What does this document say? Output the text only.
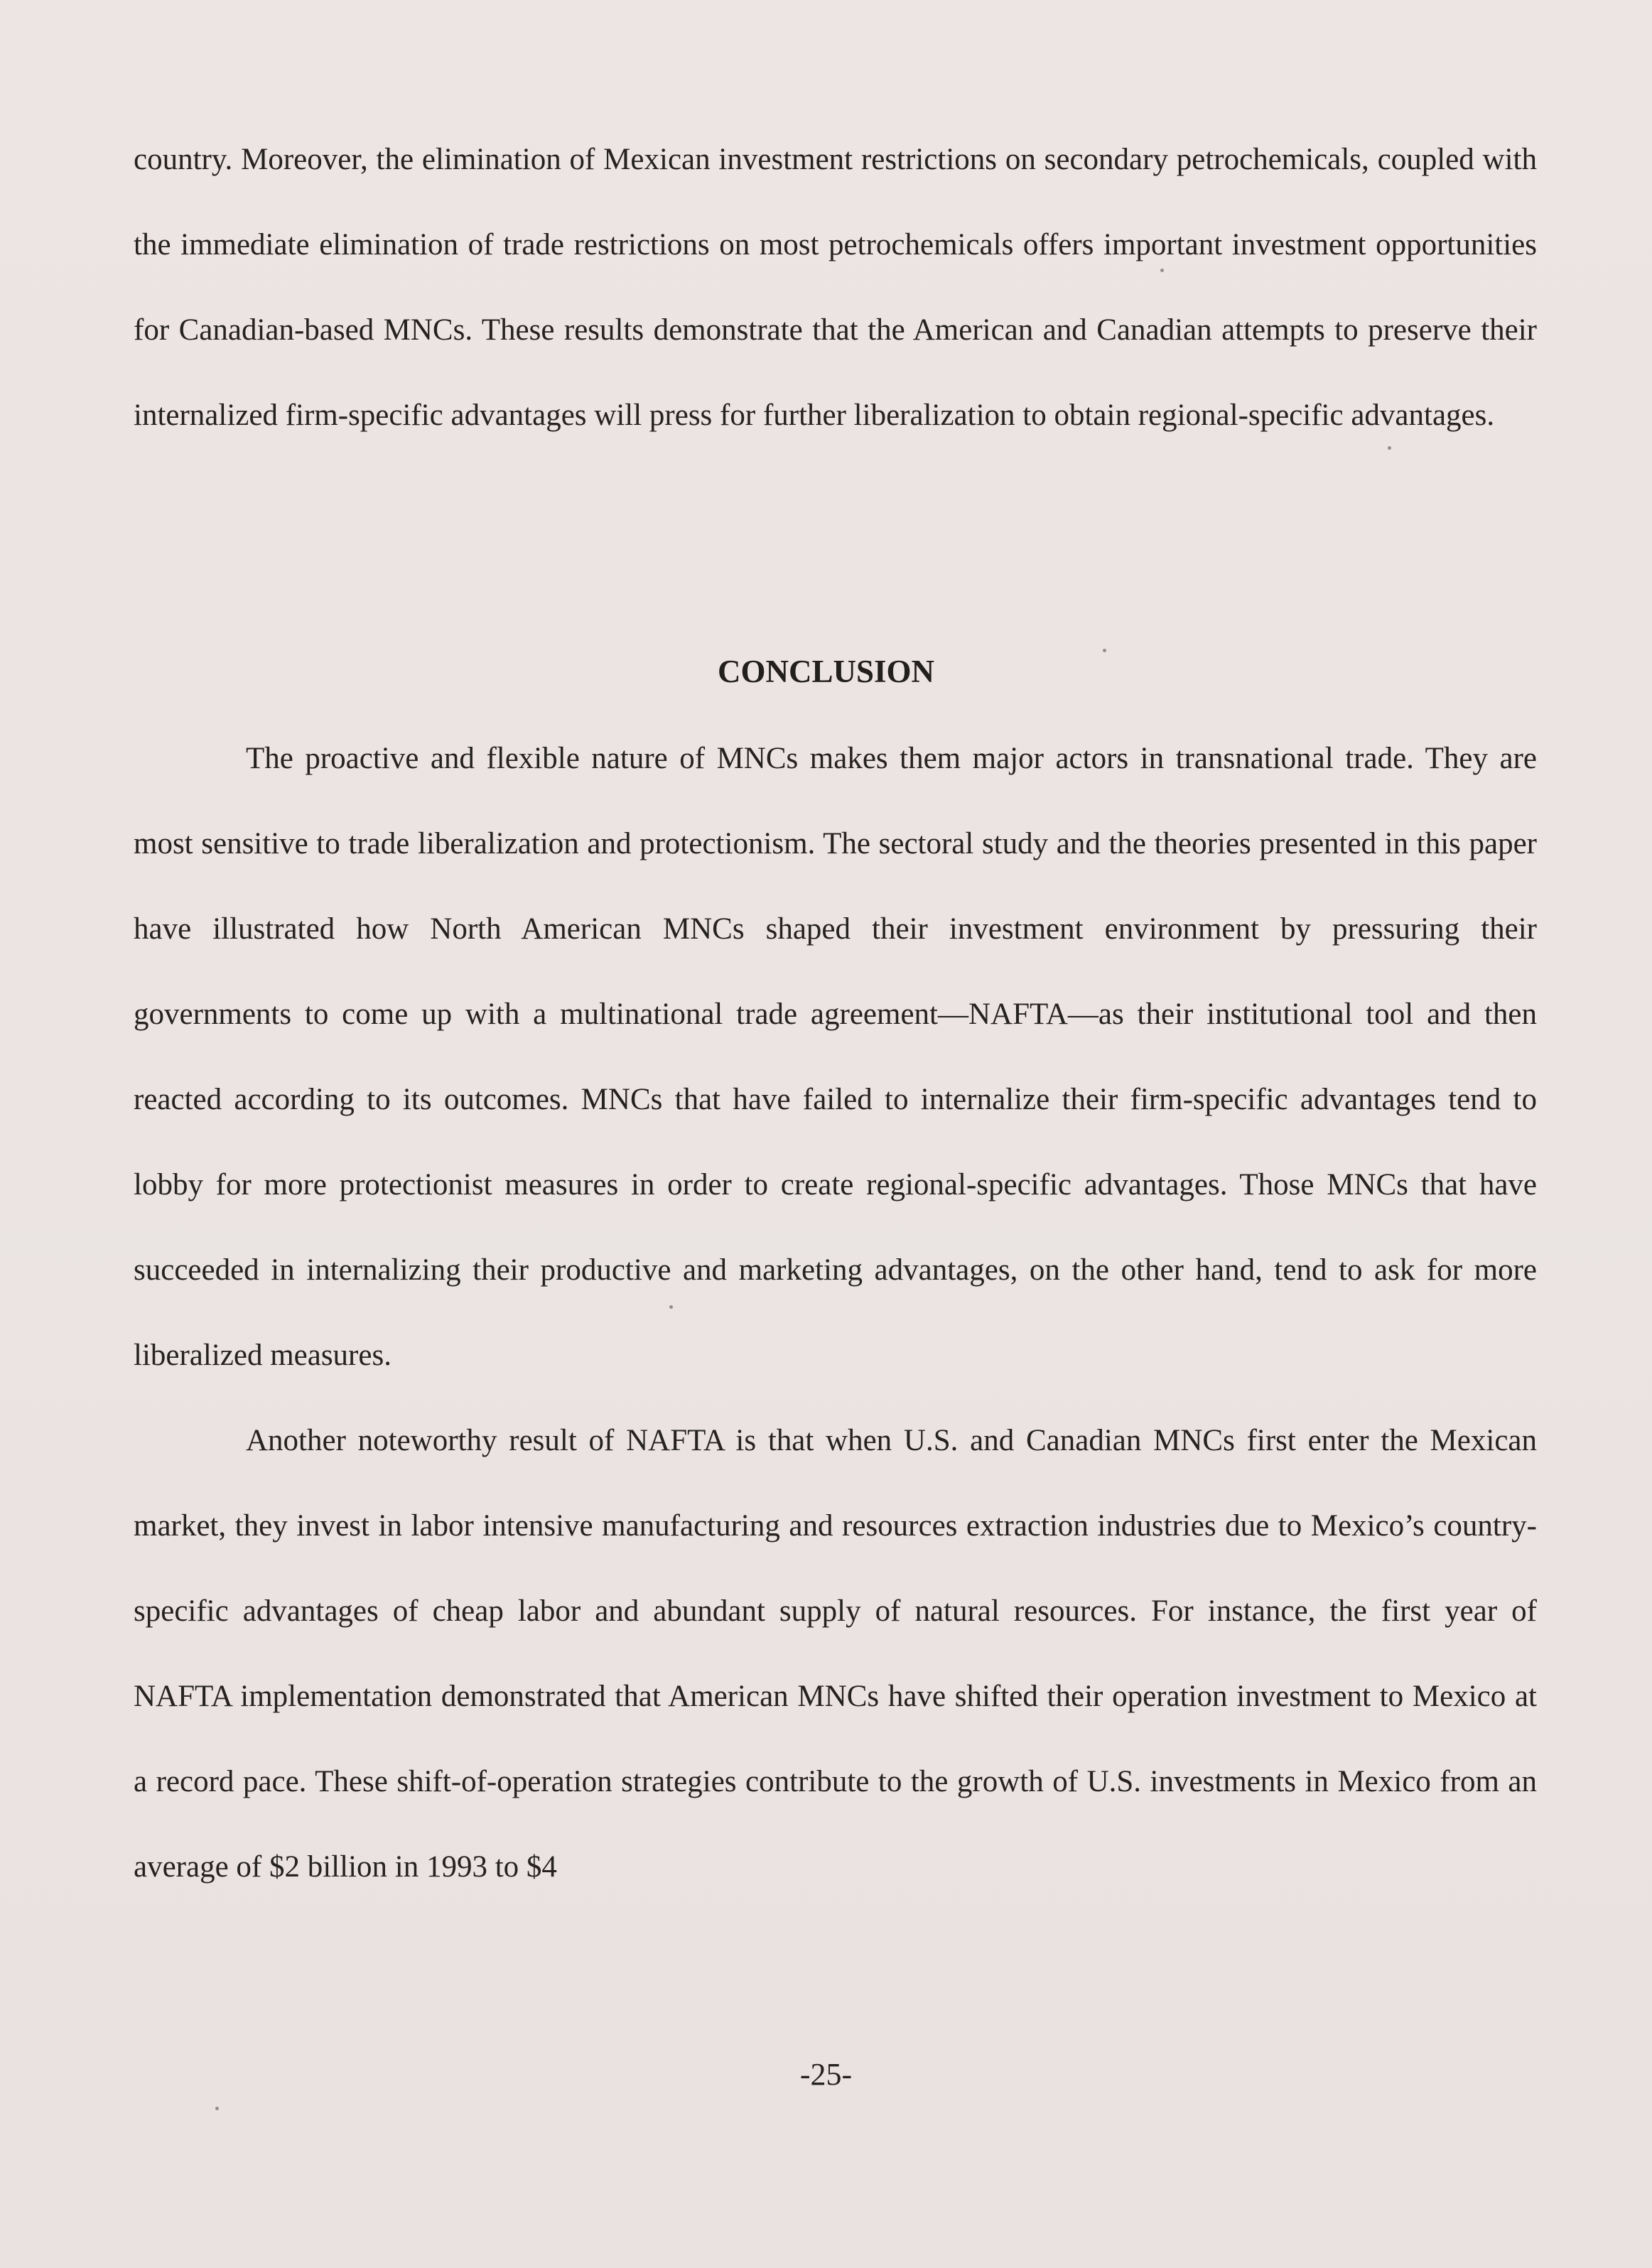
country. Moreover, the elimination of Mexican investment restrictions on secondary petrochemicals, coupled with the immediate elimination of trade restrictions on most petrochemicals offers important investment opportunities for Canadian-based MNCs. These results demonstrate that the American and Canadian attempts to preserve their internalized firm-specific advantages will press for further liberalization to obtain regional-specific advantages.

CONCLUSION

The proactive and flexible nature of MNCs makes them major actors in transnational trade. They are most sensitive to trade liberalization and protectionism. The sectoral study and the theories presented in this paper have illustrated how North American MNCs shaped their investment environment by pressuring their governments to come up with a multinational trade agreement—NAFTA—as their institutional tool and then reacted according to its outcomes. MNCs that have failed to internalize their firm-specific advantages tend to lobby for more protectionist measures in order to create regional-specific advantages. Those MNCs that have succeeded in internalizing their productive and marketing advantages, on the other hand, tend to ask for more liberalized measures.

Another noteworthy result of NAFTA is that when U.S. and Canadian MNCs first enter the Mexican market, they invest in labor intensive manufacturing and resources extraction industries due to Mexico’s country-specific advantages of cheap labor and abundant supply of natural resources. For instance, the first year of NAFTA implementation demonstrated that American MNCs have shifted their operation investment to Mexico at a record pace. These shift-of-operation strategies contribute to the growth of U.S. investments in Mexico from an average of $2 billion in 1993 to $4

-25-
